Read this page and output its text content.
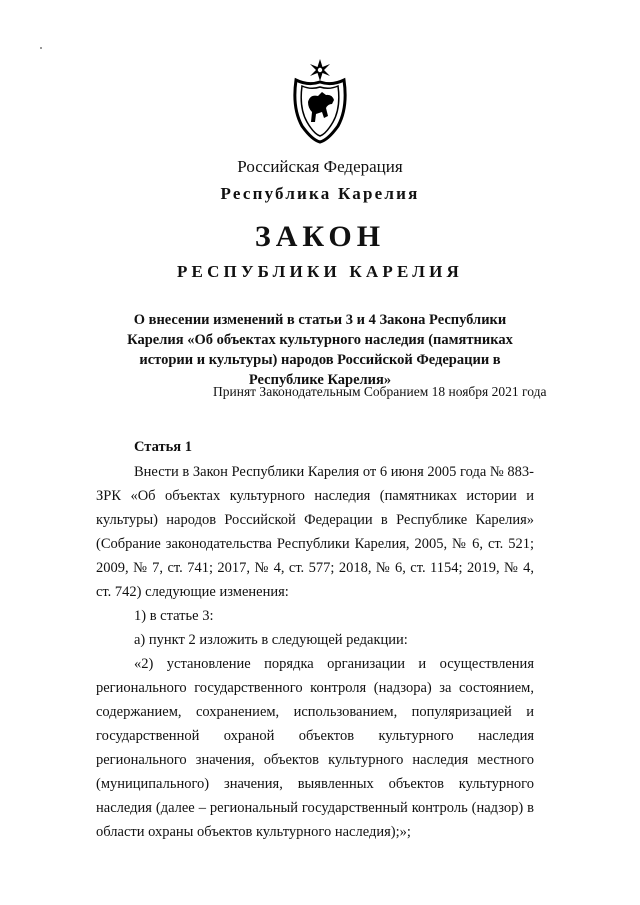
Российская Федерация
Республика Карелия
ЗАКОН
РЕСПУБЛИКИ КАРЕЛИЯ
О внесении изменений в статьи 3 и 4 Закона Республики Карелия «Об объектах культурного наследия (памятниках истории и культуры) народов Российской Федерации в Республике Карелия»
Принят Законодательным Собранием 18 ноября 2021 года
Статья 1

Внести в Закон Республики Карелия от 6 июня 2005 года № 883-ЗРК «Об объектах культурного наследия (памятниках истории и культуры) народов Российской Федерации в Республике Карелия» (Собрание законодательства Республики Карелия, 2005, № 6, ст. 521; 2009, № 7, ст. 741; 2017, № 4, ст. 577; 2018, № 6, ст. 1154; 2019, № 4, ст. 742) следующие изменения:

1) в статье 3:

а) пункт 2 изложить в следующей редакции:

«2) установление порядка организации и осуществления регионального государственного контроля (надзора) за состоянием, содержанием, сохранением, использованием, популяризацией и государственной охраной объектов культурного наследия регионального значения, объектов культурного наследия местного (муниципального) значения, выявленных объектов культурного наследия (далее – региональный государственный контроль (надзор) в области охраны объектов культурного наследия);»;
